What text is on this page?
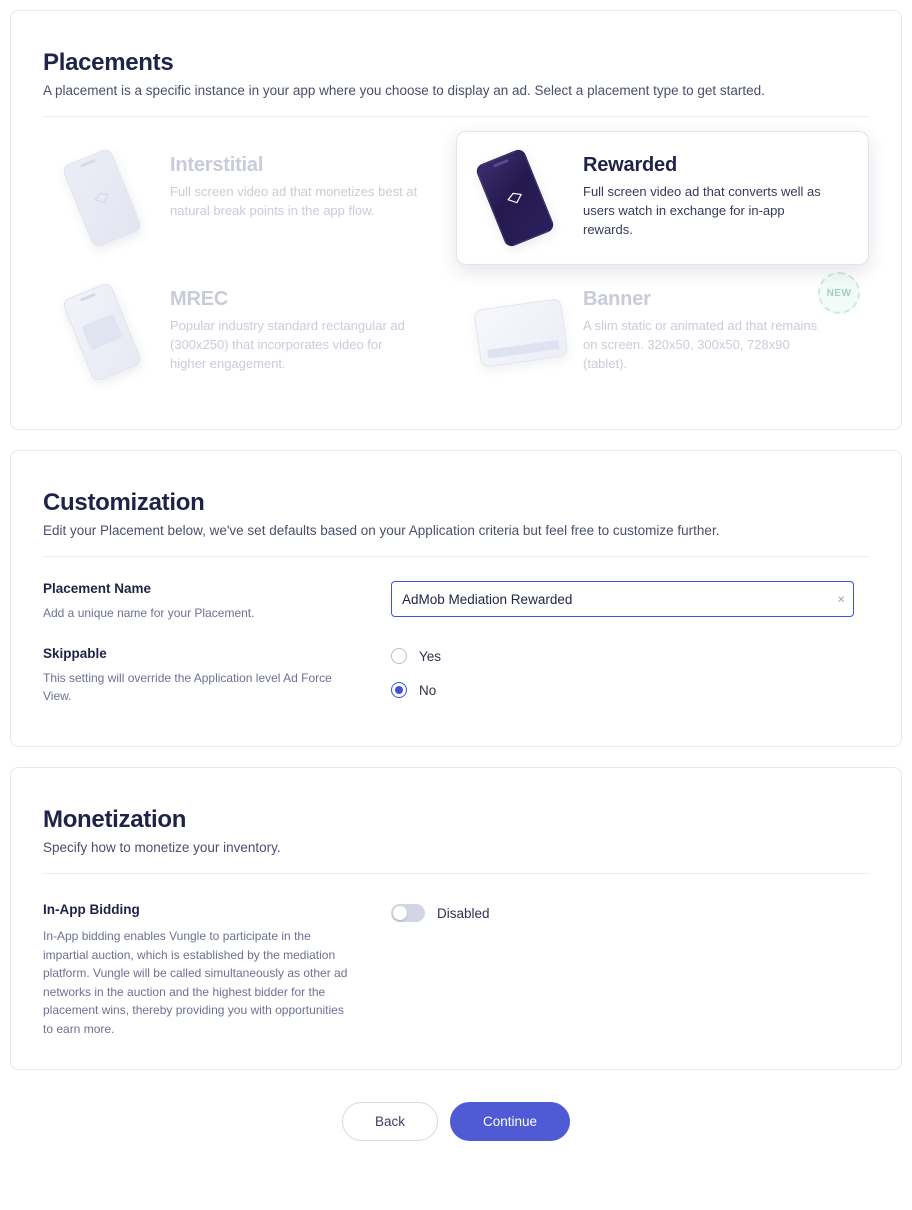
Placements

A placement is a specific instance in your app where you choose to display an ad. Select a placement type to get started.

Interstitial
Full screen video ad that monetizes best at natural break points in the app flow.
Rewarded
Full screen video ad that converts well as users watch in exchange for in-app rewards.
MREC
Popular industry standard rectangular ad (300x250) that incorporates video for higher engagement.
Banner
A slim static or animated ad that remains on screen. 320x50, 300x50, 728x90 (tablet).
NEW
Customization

Edit your Placement below, we've set defaults based on your Application criteria but feel free to customize further.

Placement Name
Add a unique name for your Placement.
AdMob Mediation Rewarded
×
Skippable
This setting will override the Application level Ad Force View.
Yes
No
Monetization

Specify how to monetize your inventory.

In-App Bidding
In-App bidding enables Vungle to participate in the impartial auction, which is established by the mediation platform. Vungle will be called simultaneously as other ad networks in the auction and the highest bidder for the placement wins, thereby providing you with opportunities to earn more.
Disabled
Back	Continue
